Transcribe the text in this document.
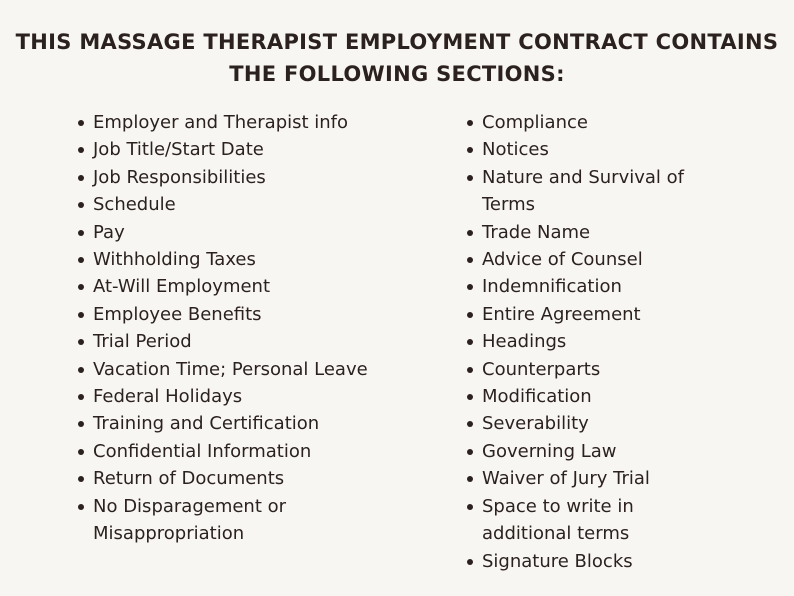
THIS MASSAGE THERAPIST EMPLOYMENT CONTRACT CONTAINS
THE FOLLOWING SECTIONS:
Employer and Therapist info
Job Title/Start Date
Job Responsibilities
Schedule
Pay
Withholding Taxes
At-Will Employment
Employee Benefits
Trial Period
Vacation Time; Personal Leave
Federal Holidays
Training and Certification
Confidential Information
Return of Documents
No Disparagement or Misappropriation
Compliance
Notices
Nature and Survival of Terms
Trade Name
Advice of Counsel
Indemnification
Entire Agreement
Headings
Counterparts
Modification
Severability
Governing Law
Waiver of Jury Trial
Space to write in additional terms
Signature Blocks
